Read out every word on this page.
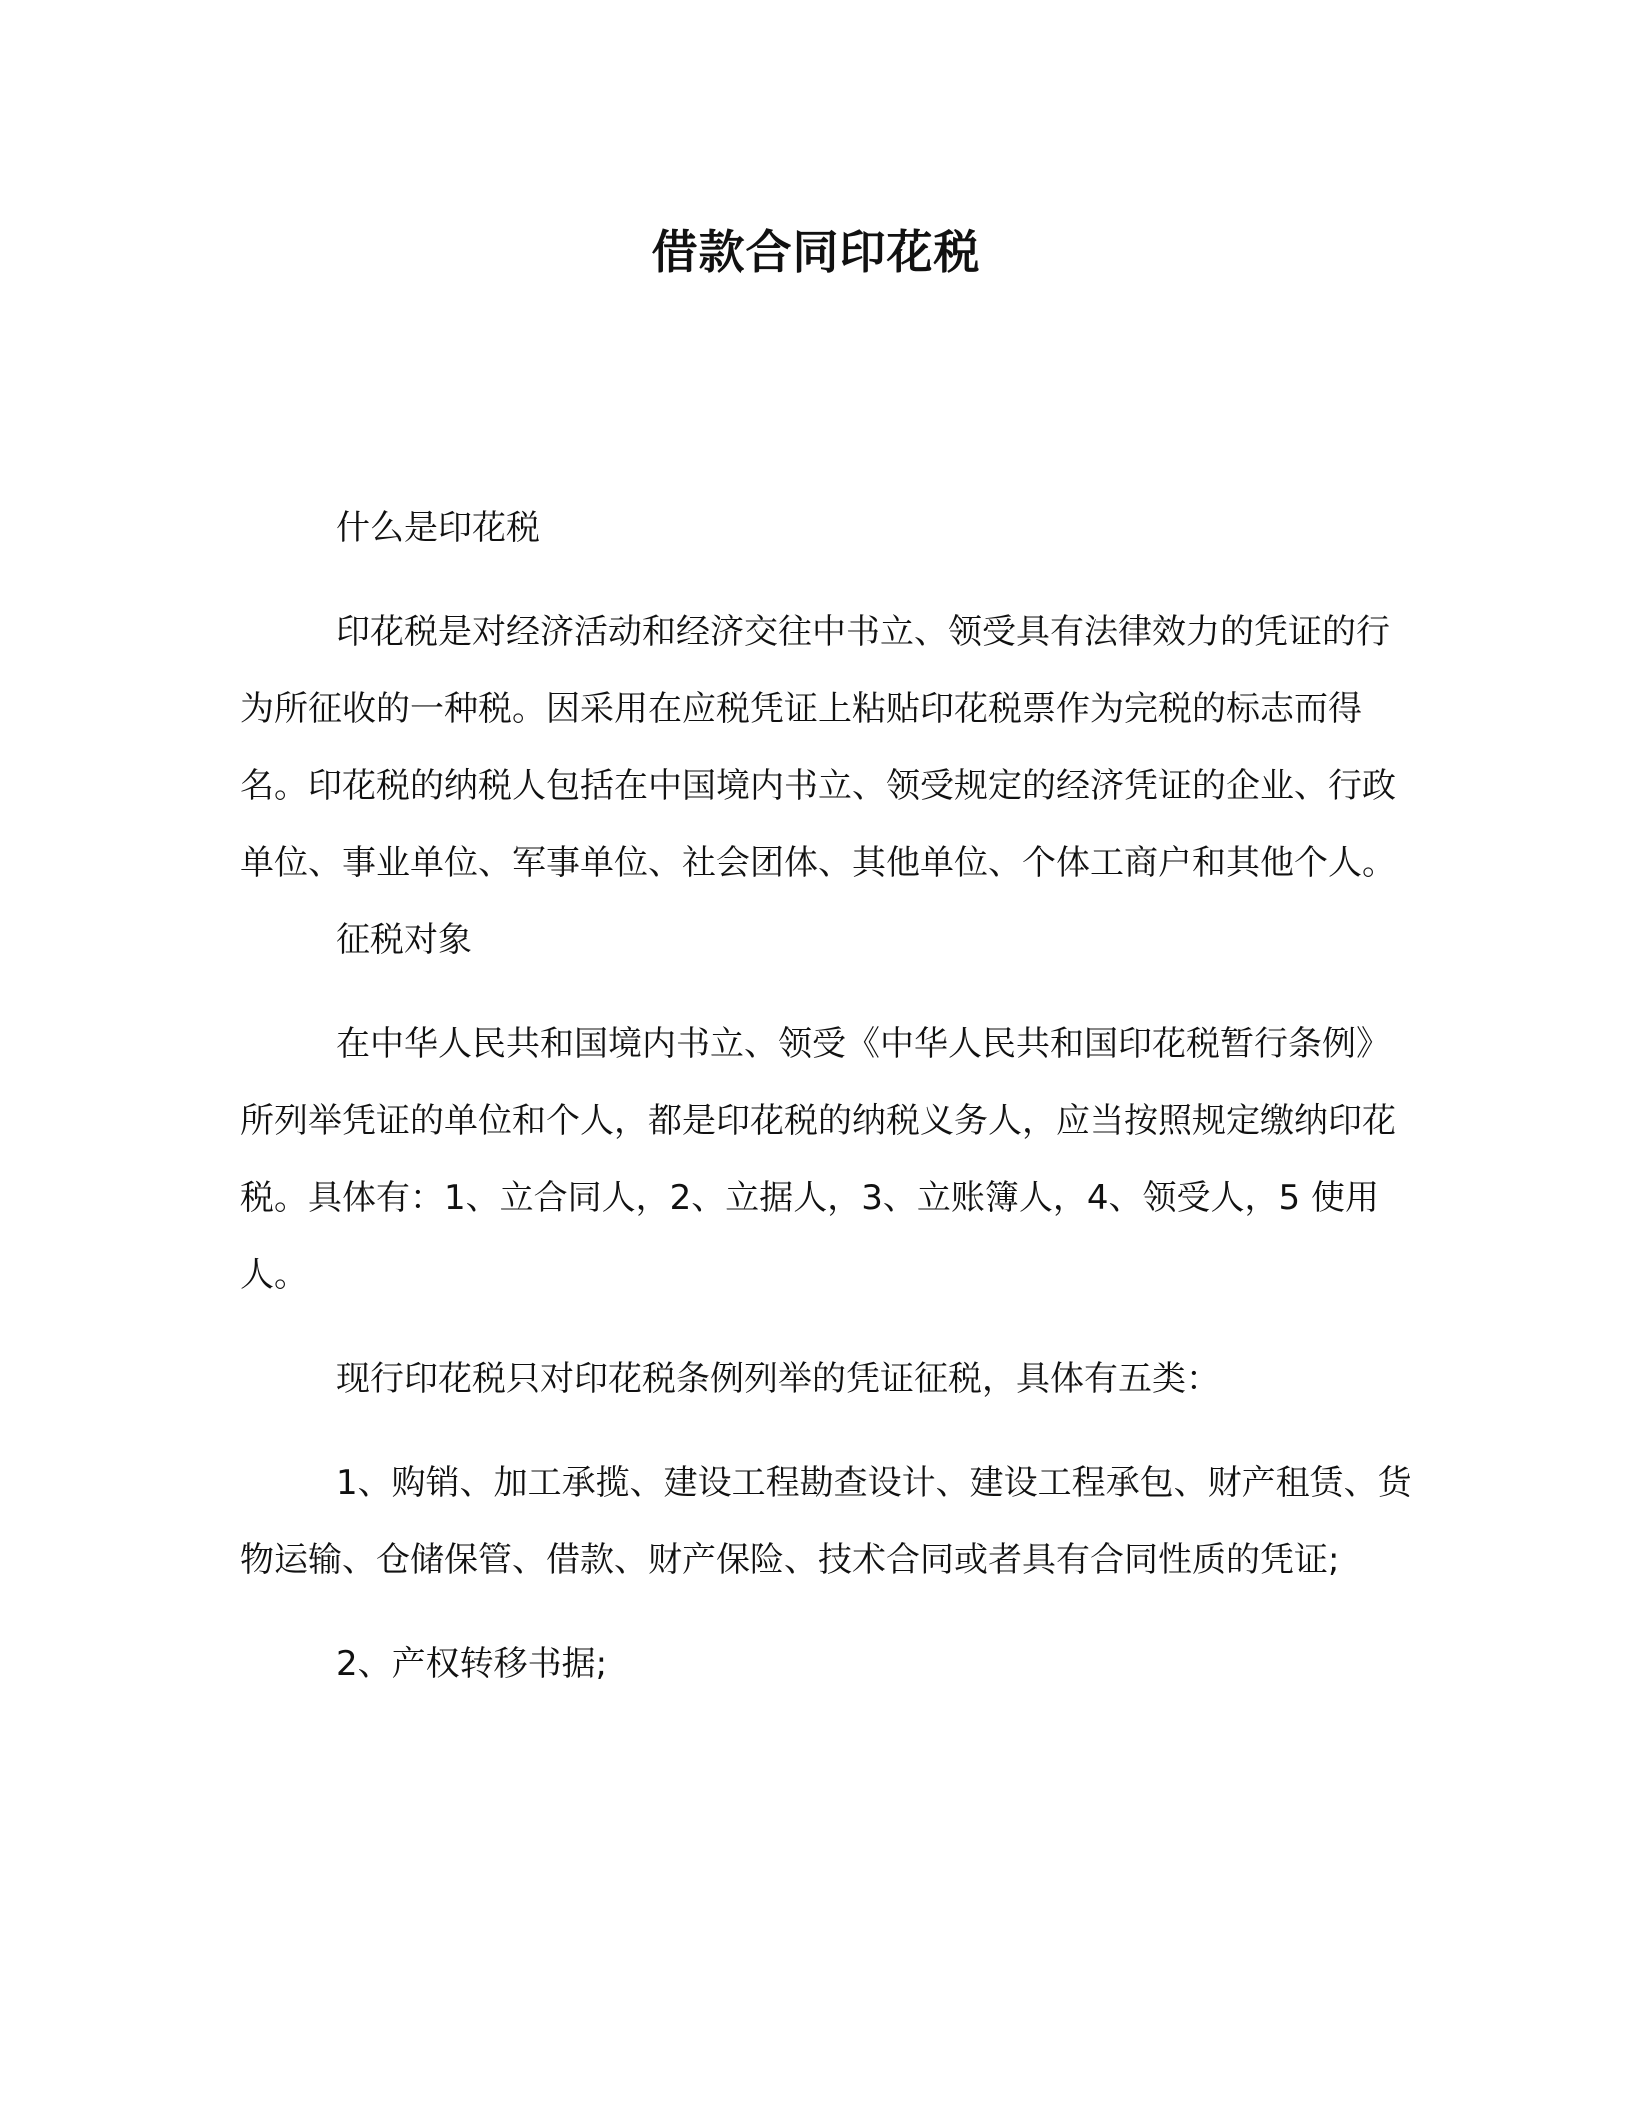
借款合同印花税

什么是印花税

印花税是对经济活动和经济交往中书立、领受具有法律效力的凭证的行为所征收的一种税。因采用在应税凭证上粘贴印花税票作为完税的标志而得名。印花税的纳税人包括在中国境内书立、领受规定的经济凭证的企业、行政单位、事业单位、军事单位、社会团体、其他单位、个体工商户和其他个人。

征税对象

在中华人民共和国境内书立、领受《中华人民共和国印花税暂行条例》所列举凭证的单位和个人，都是印花税的纳税义务人，应当按照规定缴纳印花税。具体有：1、立合同人，2、立据人，3、立账簿人，4、领受人，5 使用人。

现行印花税只对印花税条例列举的凭证征税，具体有五类：

1、购销、加工承揽、建设工程勘查设计、建设工程承包、财产租赁、货物运输、仓储保管、借款、财产保险、技术合同或者具有合同性质的凭证;

2、产权转移书据;
